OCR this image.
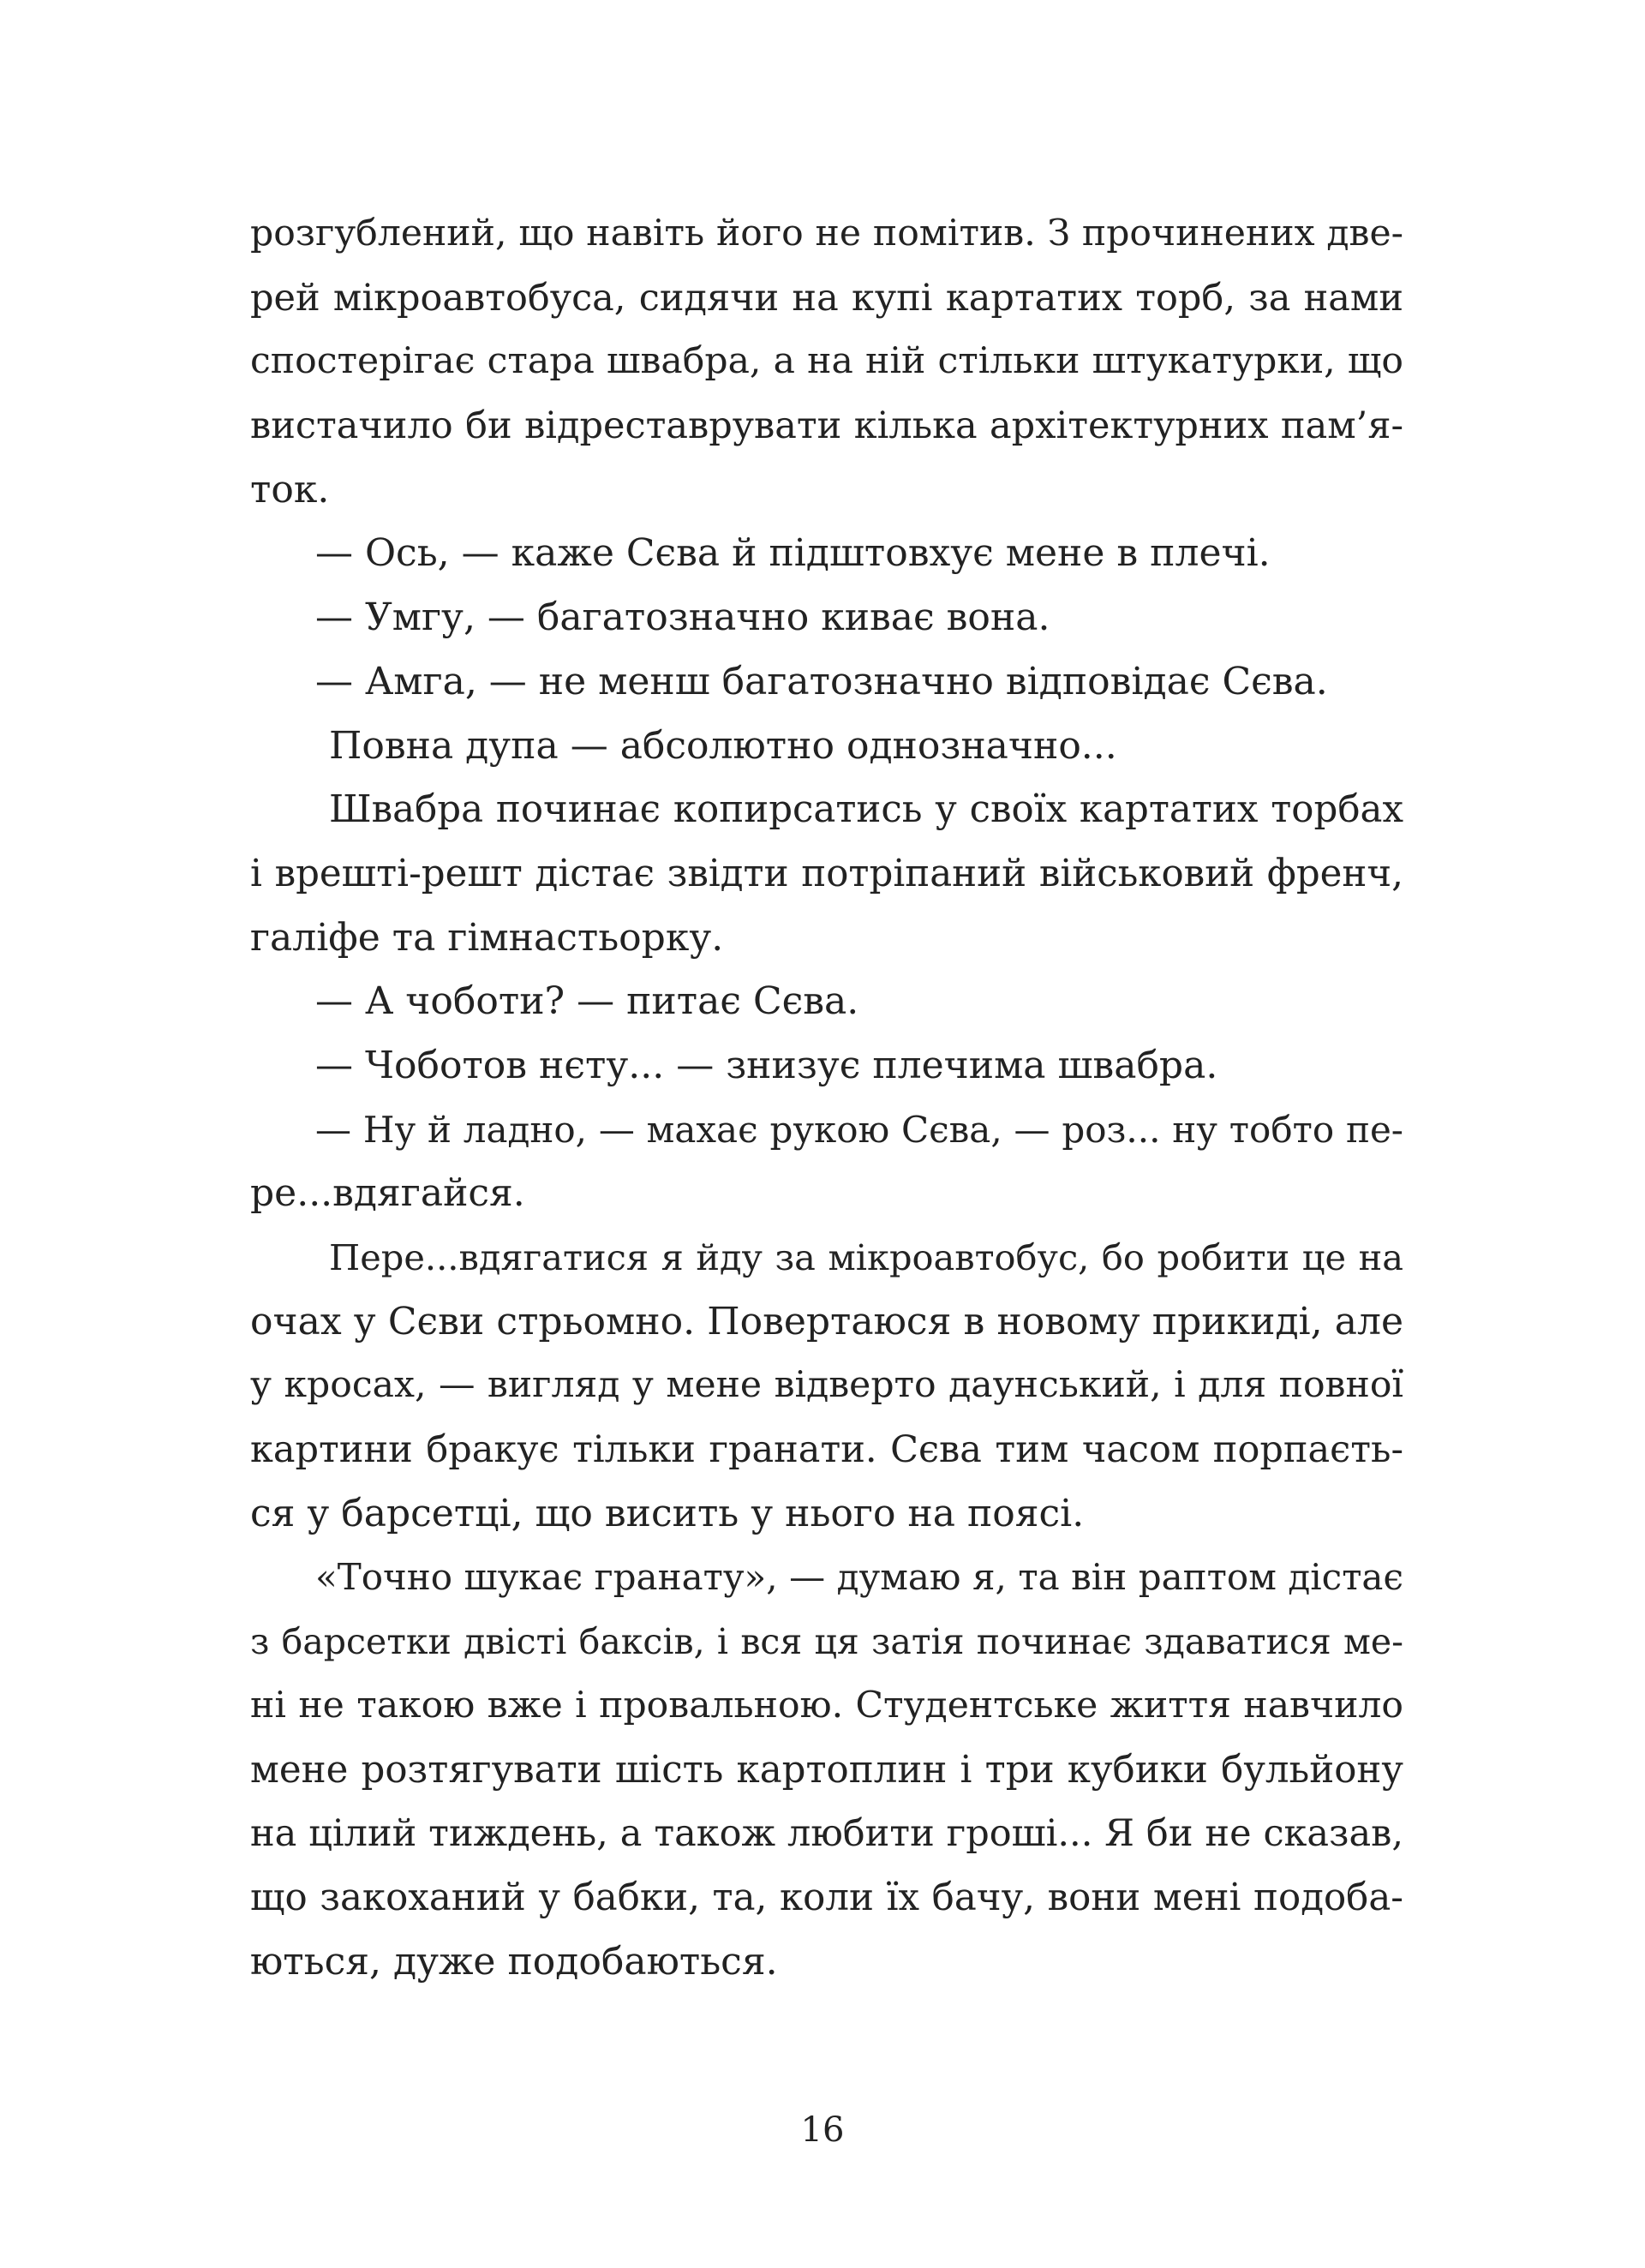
розгублений, що навіть його не помітив. З прочинених две-
рей мікроавтобуса, сидячи на купі картатих торб, за нами
спостерігає стара швабра, а на ній стільки штукатурки, що
вистачило би відреставрувати кілька архітектурних пам’я-
ток.
— Ось, — каже Сєва й підштовхує мене в плечі.
— Умгу, — багатозначно киває вона.
— Амга, — не менш багатозначно відповідає Сєва.
Повна дупа — абсолютно однозначно...
Швабра починає копирсатись у своїх картатих торбах
і врешті-решт дістає звідти потріпаний військовий френч,
галіфе та гімнастьорку.
— А чоботи? — питає Сєва.
— Чоботов нєту... — знизує плечима швабра.
— Ну й ладно, — махає рукою Сєва, — роз... ну тобто пе-
ре...вдягайся.
Пере...вдягатися я йду за мікроавтобус, бо робити це на
очах у Сєви стрьомно. Повертаюся в новому прикиді, але
у кросах, — вигляд у мене відверто даунський, і для повної
картини бракує тільки гранати. Сєва тим часом порпаєть-
ся у барсетці, що висить у нього на поясі.
«Точно шукає гранату», — думаю я, та він раптом дістає
з барсетки двісті баксів, і вся ця затія починає здаватися ме-
ні не такою вже і провальною. Студентське життя навчило
мене розтягувати шість картоплин і три кубики бульйону
на цілий тиждень, а також любити гроші... Я би не сказав,
що закоханий у бабки, та, коли їх бачу, вони мені подоба-
ються, дуже подобаються.
16
